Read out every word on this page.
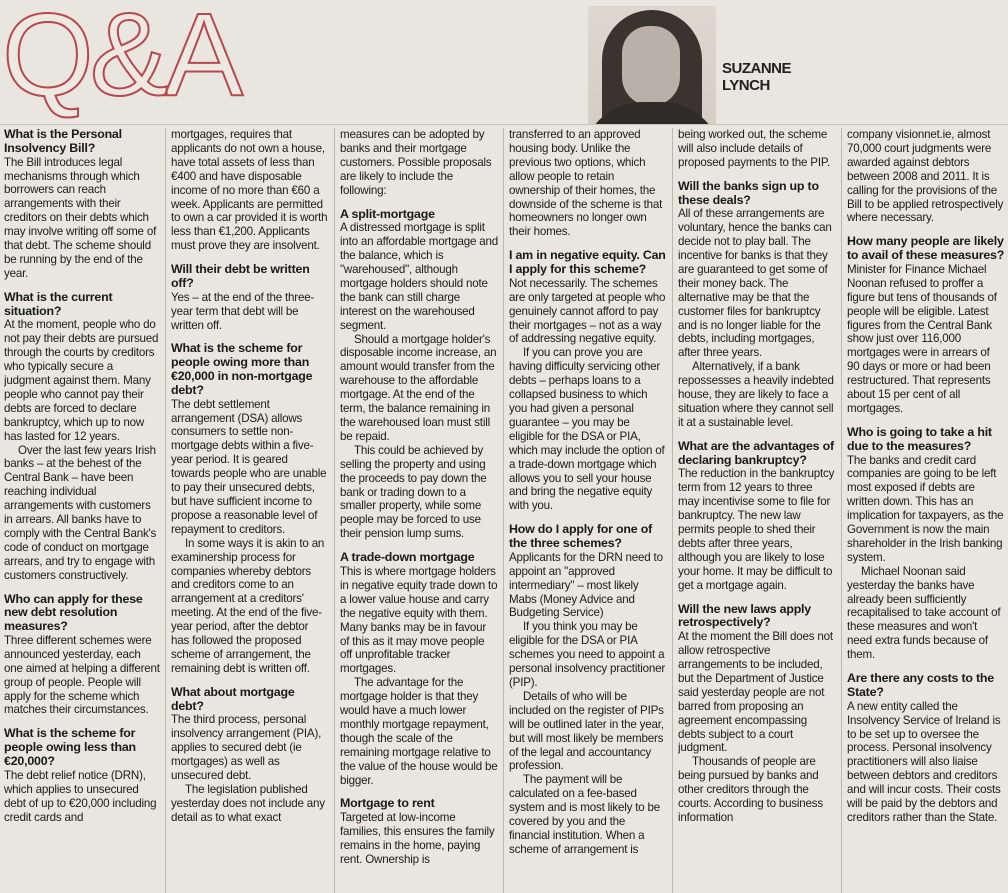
Q&A	SUZANNE
LYNCH
What is the Personal Insolvency Bill?

The Bill introduces legal mechanisms through which borrowers can reach arrangements with their creditors on their debts which may involve writing off some of that debt. The scheme should be running by the end of the year.

What is the current situation?

At the moment, people who do not pay their debts are pursued through the courts by creditors who typically secure a judgment against them. Many people who cannot pay their debts are forced to declare bankruptcy, which up to now has lasted for 12 years.

Over the last few years Irish banks – at the behest of the Central Bank – have been reaching individual arrangements with customers in arrears. All banks have to comply with the Central Bank's code of conduct on mortgage arrears, and try to engage with customers constructively.

Who can apply for these new debt resolution measures?

Three different schemes were announced yesterday, each one aimed at helping a different group of people. People will apply for the scheme which matches their circumstances.

What is the scheme for people owing less than €20,000?

The debt relief notice (DRN), which applies to unsecured debt of up to €20,000 including credit cards and

mortgages, requires that applicants do not own a house, have total assets of less than €400 and have disposable income of no more than €60 a week. Applicants are permitted to own a car provided it is worth less than €1,200. Applicants must prove they are insolvent.

Will their debt be written off?

Yes – at the end of the three-year term that debt will be written off.

What is the scheme for people owing more than €20,000 in non-mortgage debt?

The debt settlement arrangement (DSA) allows consumers to settle non-mortgage debts within a five-year period. It is geared towards people who are unable to pay their unsecured debts, but have sufficient income to propose a reasonable level of repayment to creditors.

In some ways it is akin to an examinership process for companies whereby debtors and creditors come to an arrangement at a creditors' meeting. At the end of the five-year period, after the debtor has followed the proposed scheme of arrangement, the remaining debt is written off.

What about mortgage debt?

The third process, personal insolvency arrangement (PIA), applies to secured debt (ie mortgages) as well as unsecured debt.

The legislation published yesterday does not include any detail as to what exact

measures can be adopted by banks and their mortgage customers. Possible proposals are likely to include the following:

A split-mortgage

A distressed mortgage is split into an affordable mortgage and the balance, which is "warehoused", although mortgage holders should note the bank can still charge interest on the warehoused segment.

Should a mortgage holder's disposable income increase, an amount would transfer from the warehouse to the affordable mortgage. At the end of the term, the balance remaining in the warehoused loan must still be repaid.

This could be achieved by selling the property and using the proceeds to pay down the bank or trading down to a smaller property, while some people may be forced to use their pension lump sums.

A trade-down mortgage

This is where mortgage holders in negative equity trade down to a lower value house and carry the negative equity with them. Many banks may be in favour of this as it may move people off unprofitable tracker mortgages.

The advantage for the mortgage holder is that they would have a much lower monthly mortgage repayment, though the scale of the remaining mortgage relative to the value of the house would be bigger.

Mortgage to rent

Targeted at low-income families, this ensures the family remains in the home, paying rent. Ownership is

transferred to an approved housing body. Unlike the previous two options, which allow people to retain ownership of their homes, the downside of the scheme is that homeowners no longer own their homes.

I am in negative equity. Can I apply for this scheme?

Not necessarily. The schemes are only targeted at people who genuinely cannot afford to pay their mortgages – not as a way of addressing negative equity.

If you can prove you are having difficulty servicing other debts – perhaps loans to a collapsed business to which you had given a personal guarantee – you may be eligible for the DSA or PIA, which may include the option of a trade-down mortgage which allows you to sell your house and bring the negative equity with you.

How do I apply for one of the three schemes?

Applicants for the DRN need to appoint an "approved intermediary" – most likely Mabs (Money Advice and Budgeting Service)

If you think you may be eligible for the DSA or PIA schemes you need to appoint a personal insolvency practitioner (PIP).

Details of who will be included on the register of PIPs will be outlined later in the year, but will most likely be members of the legal and accountancy profession.

The payment will be calculated on a fee-based system and is most likely to be covered by you and the financial institution. When a scheme of arrangement is

being worked out, the scheme will also include details of proposed payments to the PIP.

Will the banks sign up to these deals?

All of these arrangements are voluntary, hence the banks can decide not to play ball. The incentive for banks is that they are guaranteed to get some of their money back. The alternative may be that the customer files for bankruptcy and is no longer liable for the debts, including mortgages, after three years.

Alternatively, if a bank repossesses a heavily indebted house, they are likely to face a situation where they cannot sell it at a sustainable level.

What are the advantages of declaring bankruptcy?

The reduction in the bankruptcy term from 12 years to three may incentivise some to file for bankruptcy. The new law permits people to shed their debts after three years, although you are likely to lose your home. It may be difficult to get a mortgage again.

Will the new laws apply retrospectively?

At the moment the Bill does not allow retrospective arrangements to be included, but the Department of Justice said yesterday people are not barred from proposing an agreement encompassing debts subject to a court judgment.

Thousands of people are being pursued by banks and other creditors through the courts. According to business information

company visionnet.ie, almost 70,000 court judgments were awarded against debtors between 2008 and 2011. It is calling for the provisions of the Bill to be applied retrospectively where necessary.

How many people are likely to avail of these measures?

Minister for Finance Michael Noonan refused to proffer a figure but tens of thousands of people will be eligible. Latest figures from the Central Bank show just over 116,000 mortgages were in arrears of 90 days or more or had been restructured. That represents about 15 per cent of all mortgages.

Who is going to take a hit due to the measures?

The banks and credit card companies are going to be left most exposed if debts are written down. This has an implication for taxpayers, as the Government is now the main shareholder in the Irish banking system.

Michael Noonan said yesterday the banks have already been sufficiently recapitalised to take account of these measures and won't need extra funds because of them.

Are there any costs to the State?

A new entity called the Insolvency Service of Ireland is to be set up to oversee the process. Personal insolvency practitioners will also liaise between debtors and creditors and will incur costs. Their costs will be paid by the debtors and creditors rather than the State.
